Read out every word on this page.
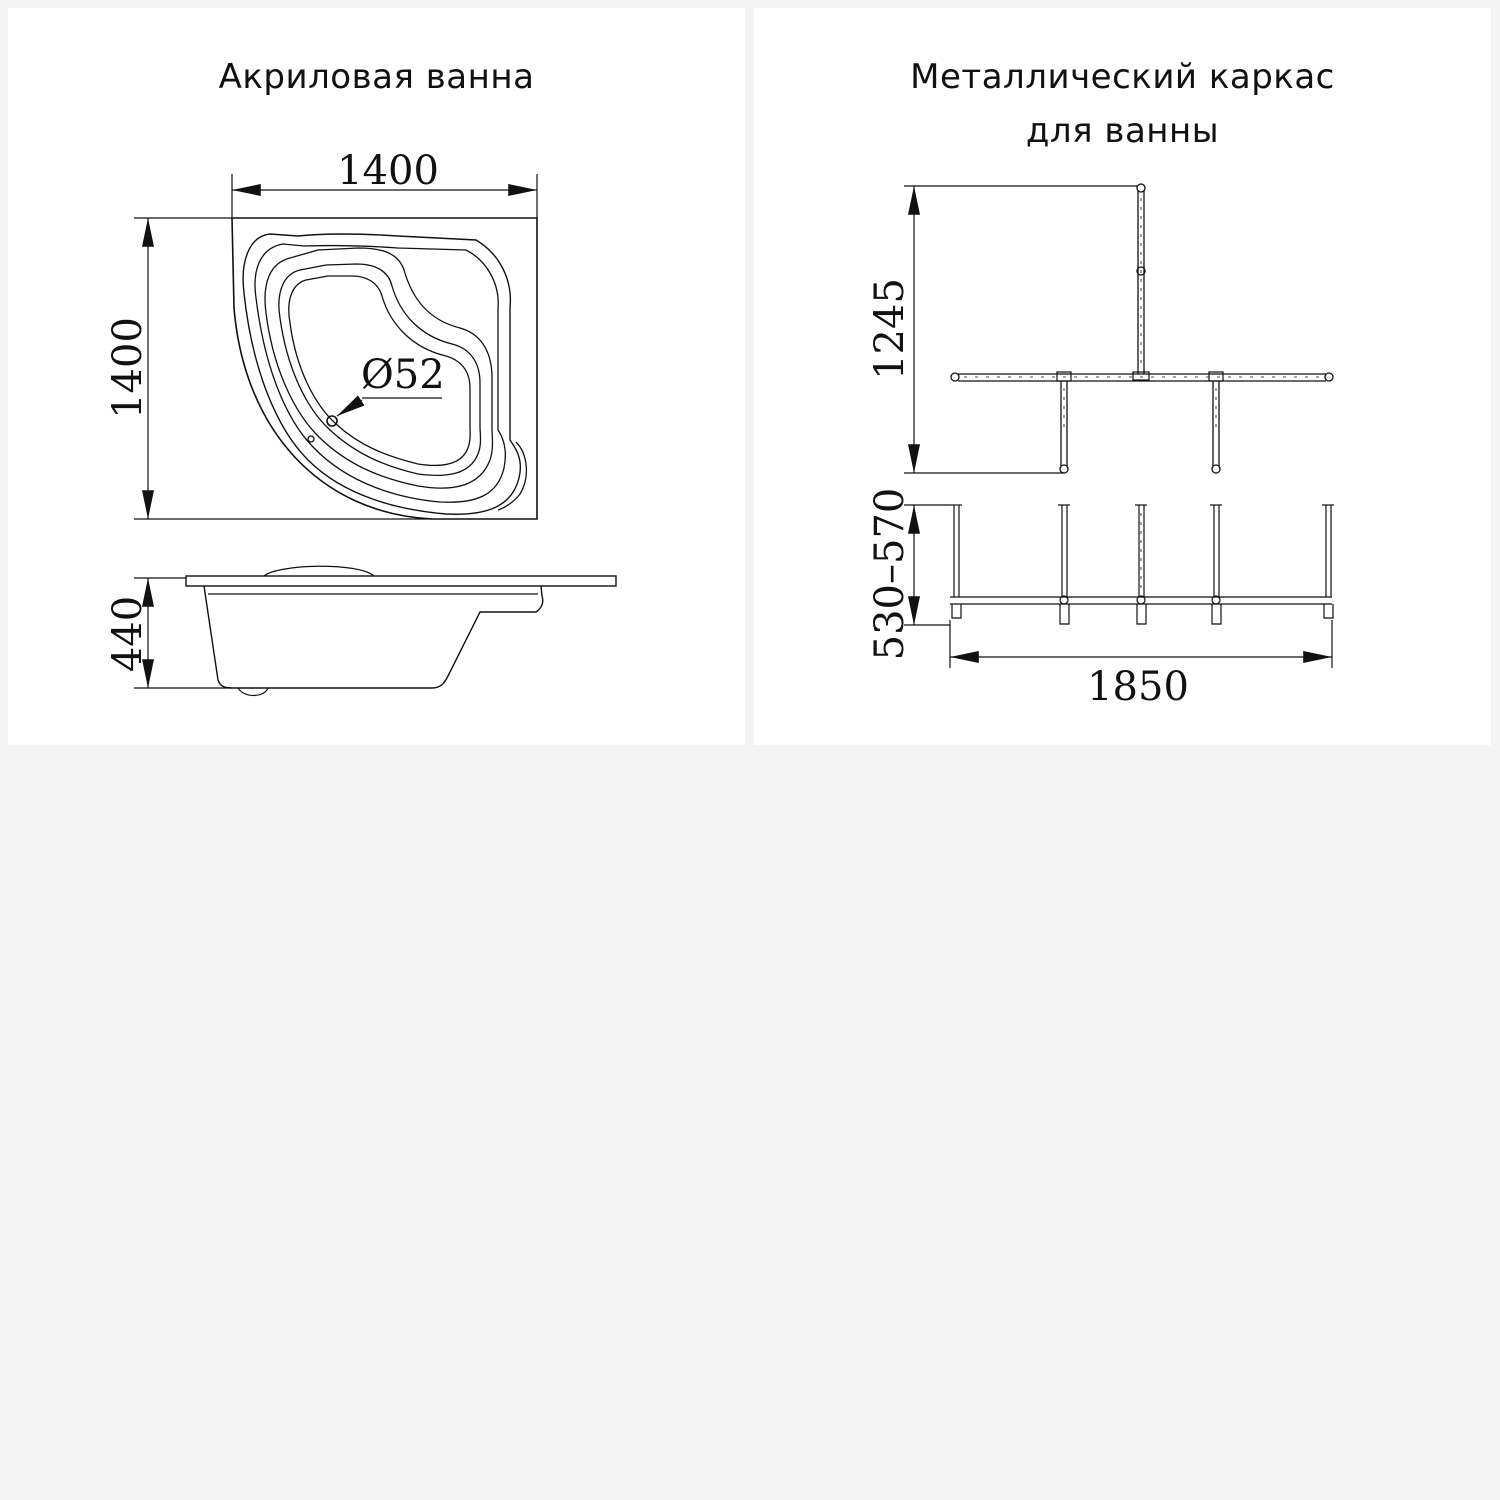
Акриловая ванна
Ø52
1400
1400
440
Металлический каркас
для ванны
1245
530–570
1850
